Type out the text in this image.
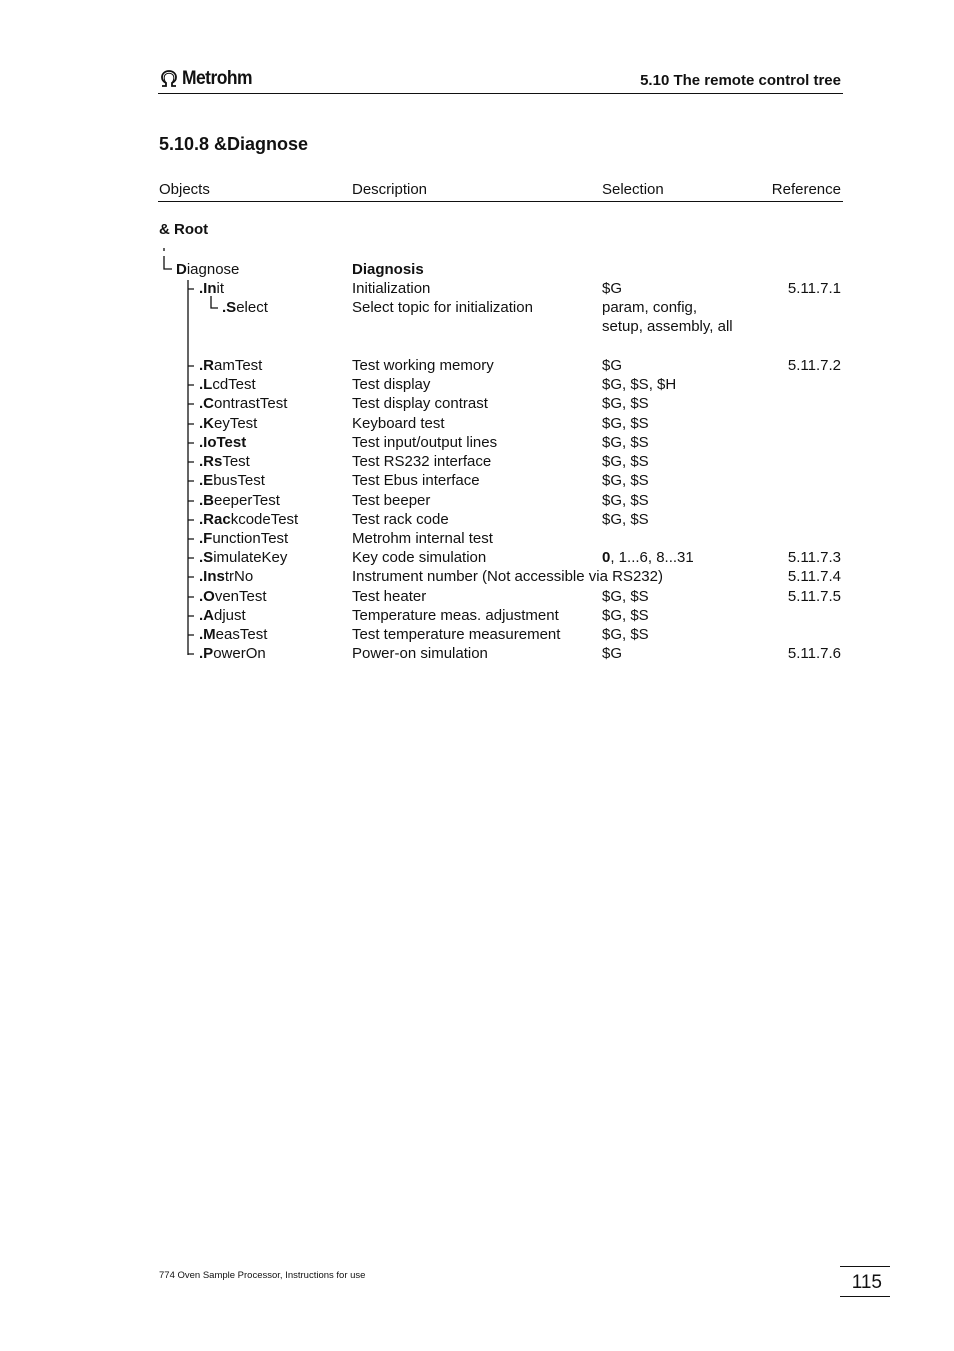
Metrohm	5.10 The remote control tree
5.10.8 &Diagnose
Objects	Description	Selection	Reference
& Root
Diagnose	Diagnosis
.Init	Initialization	$G	5.11.7.1
.Select	Select topic for initialization	param, config,
setup, assembly, all
.RamTest	Test working memory	$G	5.11.7.2
.LcdTest	Test display	$G, $S, $H
.ContrastTest	Test display contrast	$G, $S
.KeyTest	Keyboard test	$G, $S
.IoTest	Test input/output lines	$G, $S
.RsTest	Test RS232 interface	$G, $S
.EbusTest	Test Ebus interface	$G, $S
.BeeperTest	Test beeper	$G, $S
.RackcodeTest	Test rack code	$G, $S
.FunctionTest	Metrohm internal test
.SimulateKey	Key code simulation	0, 1...6, 8...31	5.11.7.3
.InstrNo	Instrument number (Not accessible via RS232)	5.11.7.4
.OvenTest	Test heater	$G, $S	5.11.7.5
.Adjust	Temperature meas. adjustment	$G, $S
.MeasTest	Test temperature measurement	$G, $S
.PowerOn	Power-on simulation	$G	5.11.7.6
774 Oven Sample Processor, Instructions for use	115
